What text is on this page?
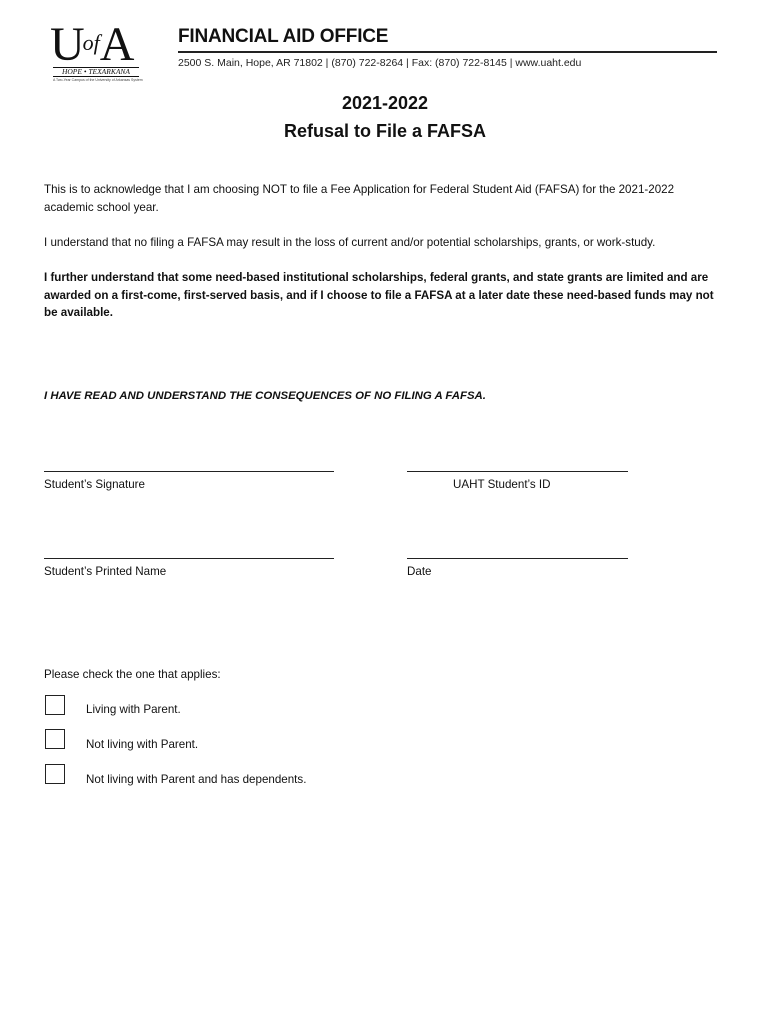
$U^{of}A$
HOPE • TEXARKANA
A Two-Year Campus of the University of Arkansas System
FINANCIAL AID OFFICE
2500 S. Main, Hope, AR 71802 | (870) 722-8264 | Fax: (870) 722-8145 | www.uaht.edu
2021-2022
Refusal to File a FAFSA
This is to acknowledge that I am choosing NOT to file a Fee Application for Federal Student Aid (FAFSA) for the 2021-2022 academic school year.
I understand that no filing a FAFSA may result in the loss of current and/or potential scholarships, grants, or work-study.
I further understand that some need-based institutional scholarships, federal grants, and state grants are limited and are awarded on a first-come, first-served basis, and if I choose to file a FAFSA at a later date these need-based funds may not be available.
I HAVE READ AND UNDERSTAND THE CONSEQUENCES OF NO FILING A FAFSA.
Student’s Signature	UAHT Student’s ID
Student’s Printed Name	Date
Please check the one that applies:
Living with Parent.
Not living with Parent.
Not living with Parent and has dependents.
